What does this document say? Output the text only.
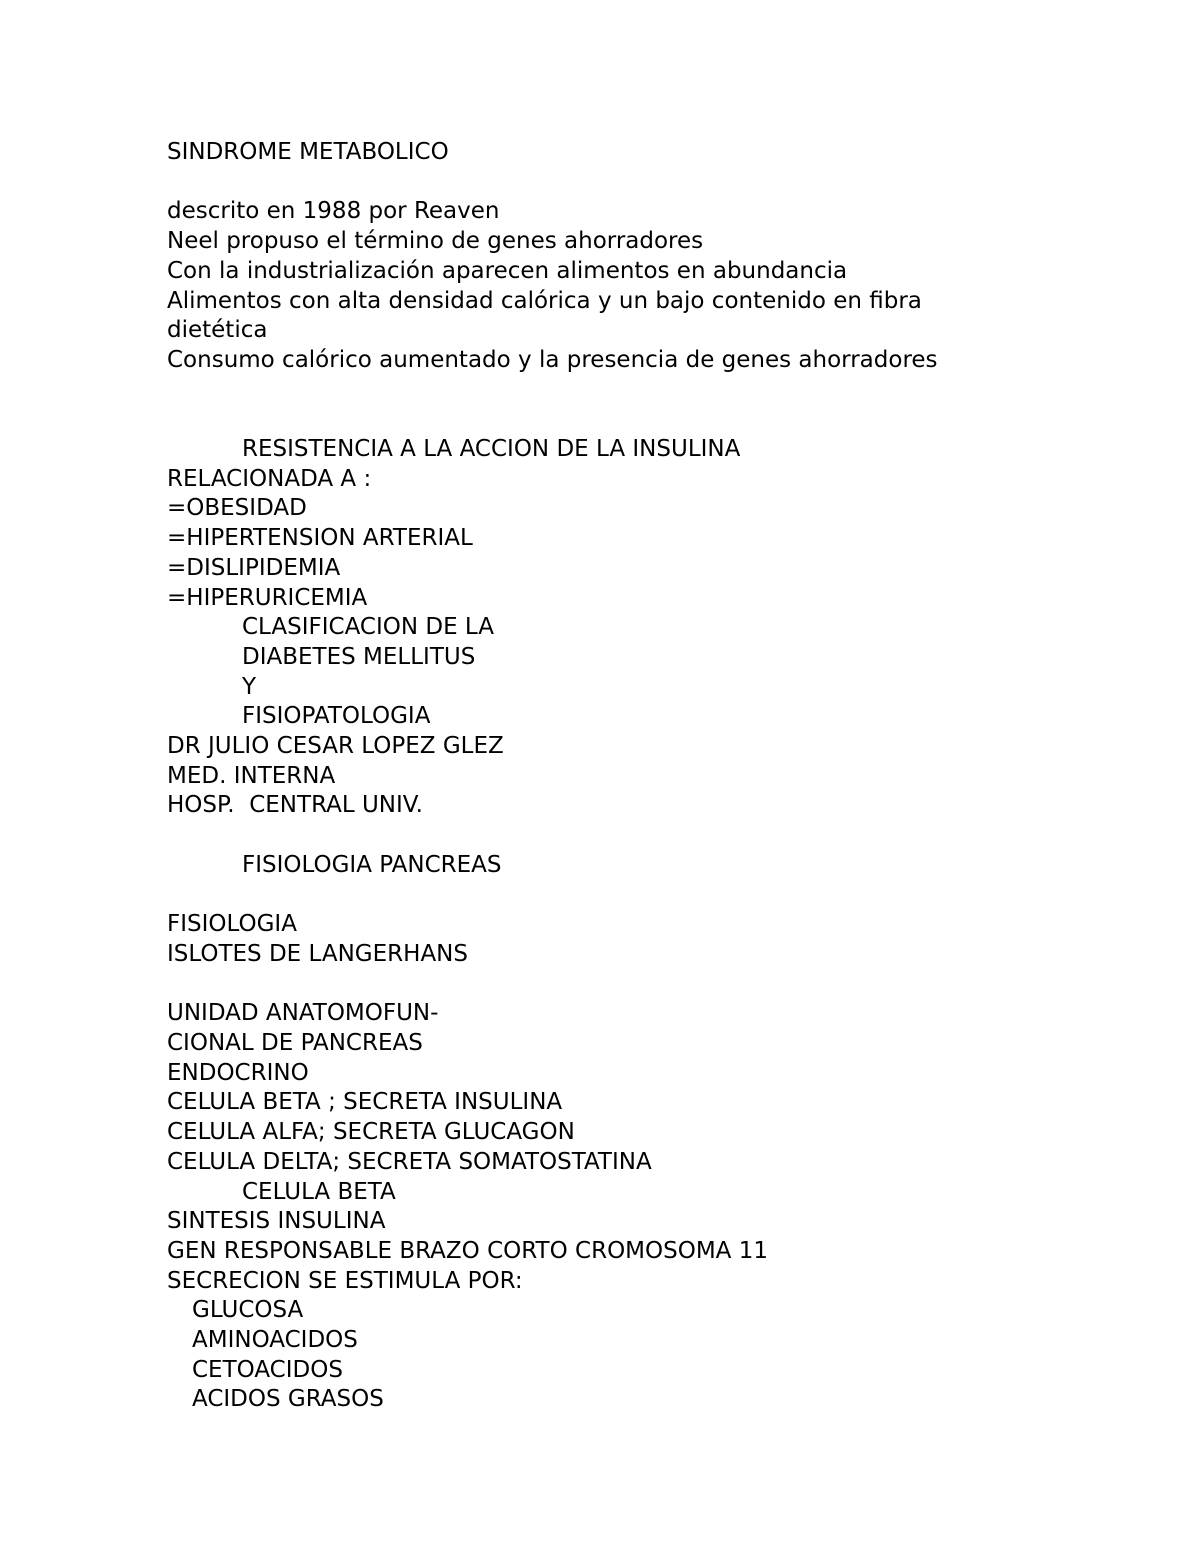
SINDROME METABOLICO
descrito en 1988 por Reaven
Neel propuso el término de genes ahorradores
Con la industrialización aparecen alimentos en abundancia
Alimentos con alta densidad calórica y un bajo contenido en fibra
dietética
Consumo calórico aumentado y la presencia de genes ahorradores
RESISTENCIA A LA ACCION DE LA INSULINA
RELACIONADA A :
=OBESIDAD
=HIPERTENSION ARTERIAL
=DISLIPIDEMIA
=HIPERURICEMIA
CLASIFICACION DE LA
DIABETES MELLITUS
Y
FISIOPATOLOGIA
DR JULIO CESAR LOPEZ GLEZ
MED. INTERNA
HOSP.  CENTRAL UNIV.
FISIOLOGIA PANCREAS
FISIOLOGIA
ISLOTES DE LANGERHANS
UNIDAD ANATOMOFUN-
CIONAL DE PANCREAS
ENDOCRINO
CELULA BETA ; SECRETA INSULINA
CELULA ALFA; SECRETA GLUCAGON
CELULA DELTA; SECRETA SOMATOSTATINA
CELULA BETA
SINTESIS INSULINA
GEN RESPONSABLE BRAZO CORTO CROMOSOMA 11
SECRECION SE ESTIMULA POR:
GLUCOSA
AMINOACIDOS
CETOACIDOS
ACIDOS GRASOS
